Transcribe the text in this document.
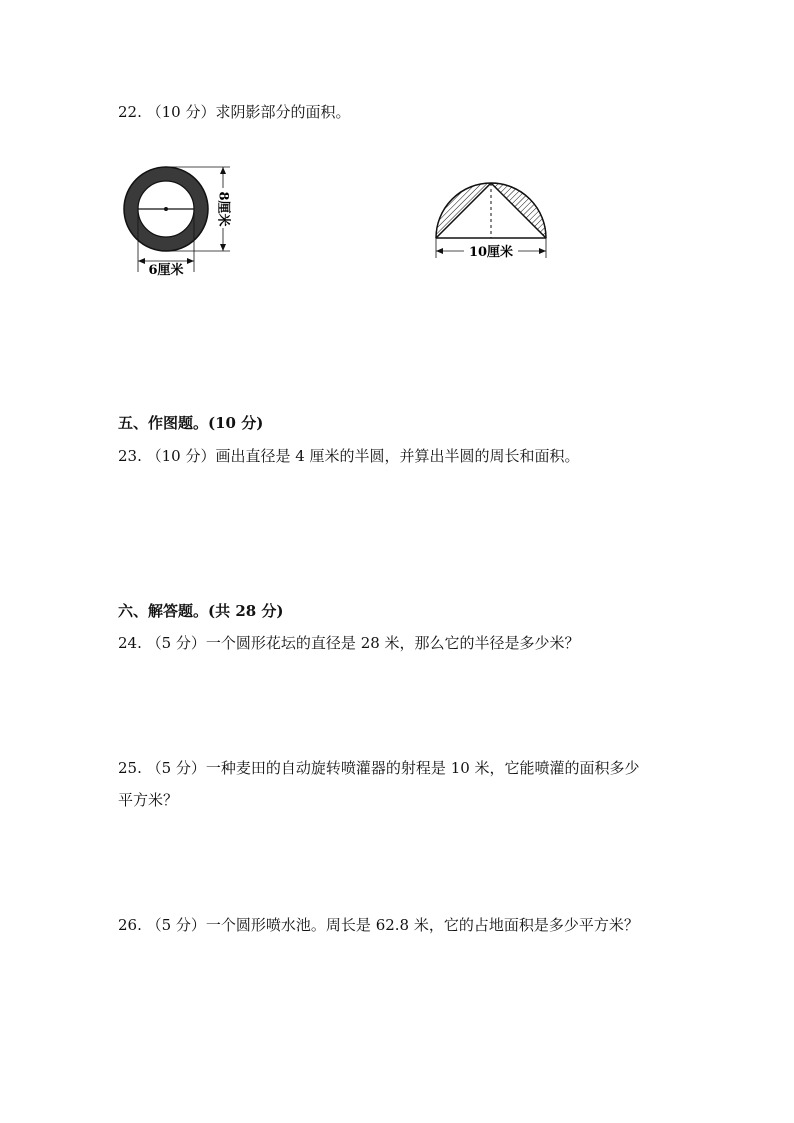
22. （10 分）求阴影部分的面积。
8厘米
6厘米
10厘米
五、作图题。(10 分)
23. （10 分）画出直径是 4 厘米的半圆，并算出半圆的周长和面积。
六、解答题。(共 28 分)
24. （5 分）一个圆形花坛的直径是 28 米，那么它的半径是多少米？
25. （5 分）一种麦田的自动旋转喷灌器的射程是 10 米，它能喷灌的面积多少
平方米？
26. （5 分）一个圆形喷水池。周长是 62.8 米，它的占地面积是多少平方米？
